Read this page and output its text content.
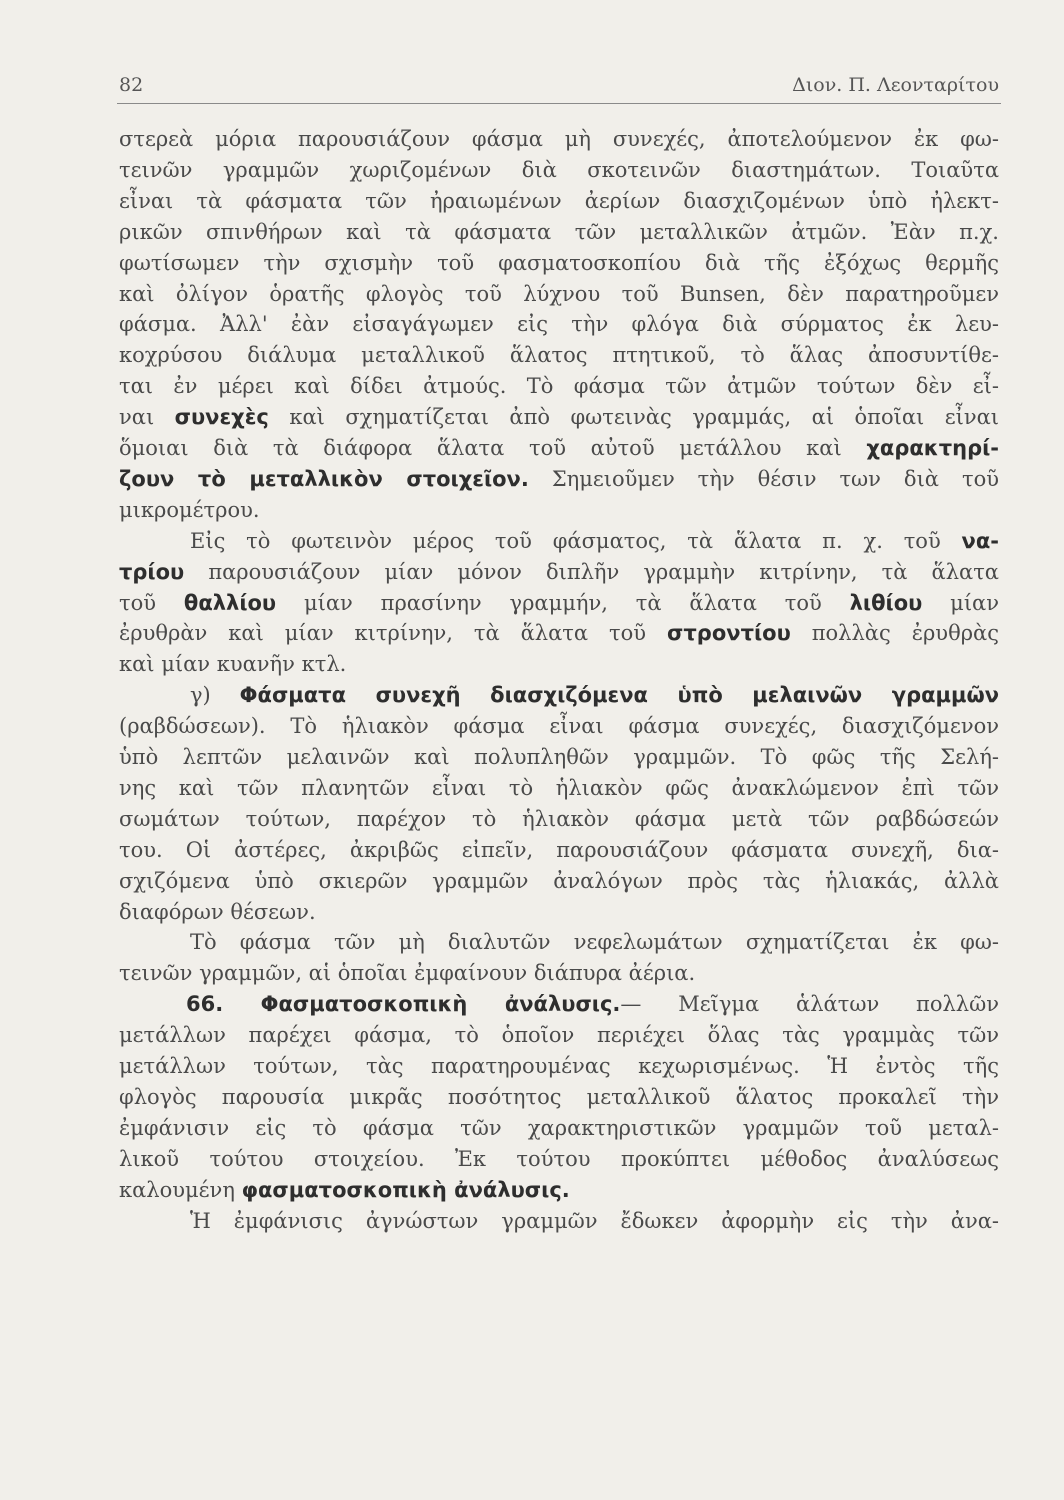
82	Διον. Π. Λεονταρίτου
στερεὰ μόρια παρουσιάζουν φάσμα μὴ συνεχές, ἀποτελούμενον ἐκ φω-
τεινῶν γραμμῶν χωριζομένων διὰ σκοτεινῶν διαστημάτων. Τοιαῦτα
εἶναι τὰ φάσματα τῶν ἠραιωμένων ἀερίων διασχιζομένων ὑπὸ ἠλεκτ-
ρικῶν σπινθήρων καὶ τὰ φάσματα τῶν μεταλλικῶν ἀτμῶν. Ἐὰν π.χ.
φωτίσωμεν τὴν σχισμὴν τοῦ φασματοσκοπίου διὰ τῆς ἐξόχως θερμῆς
καὶ ὀλίγον ὁρατῆς φλογὸς τοῦ λύχνου τοῦ Bunsen, δὲν παρατηροῦμεν
φάσμα. Ἀλλ' ἐὰν εἰσαγάγωμεν εἰς τὴν φλόγα διὰ σύρματος ἐκ λευ-
κοχρύσου διάλυμα μεταλλικοῦ ἅλατος πτητικοῦ, τὸ ἅλας ἀποσυντίθε-
ται ἐν μέρει καὶ δίδει ἀτμούς. Τὸ φάσμα τῶν ἀτμῶν τούτων δὲν εἶ-
ναι συνεχὲς καὶ σχηματίζεται ἀπὸ φωτεινὰς γραμμάς, αἱ ὁποῖαι εἶναι
ὅμοιαι διὰ τὰ διάφορα ἅλατα τοῦ αὐτοῦ μετάλλου καὶ χαρακτηρί-
ζουν τὸ μεταλλικὸν στοιχεῖον. Σημειοῦμεν τὴν θέσιν των διὰ τοῦ
μικρομέτρου.
Εἰς τὸ φωτεινὸν μέρος τοῦ φάσματος, τὰ ἅλατα π. χ. τοῦ να-
τρίου παρουσιάζουν μίαν μόνον διπλῆν γραμμὴν κιτρίνην, τὰ ἅλατα
τοῦ θαλλίου μίαν πρασίνην γραμμήν, τὰ ἅλατα τοῦ λιθίου μίαν
ἐρυθρὰν καὶ μίαν κιτρίνην, τὰ ἅλατα τοῦ στροντίου πολλὰς ἐρυθρὰς
καὶ μίαν κυανῆν κτλ.
γ) Φάσματα συνεχῆ διασχιζόμενα ὑπὸ μελαινῶν γραμμῶν
(ραβδώσεων). Τὸ ἡλιακὸν φάσμα εἶναι φάσμα συνεχές, διασχιζόμενον
ὑπὸ λεπτῶν μελαινῶν καὶ πολυπληθῶν γραμμῶν. Τὸ φῶς τῆς Σελή-
νης καὶ τῶν πλανητῶν εἶναι τὸ ἡλιακὸν φῶς ἀνακλώμενον ἐπὶ τῶν
σωμάτων τούτων, παρέχον τὸ ἡλιακὸν φάσμα μετὰ τῶν ραβδώσεών
του. Οἱ ἀστέρες, ἀκριβῶς εἰπεῖν, παρουσιάζουν φάσματα συνεχῆ, δια-
σχιζόμενα ὑπὸ σκιερῶν γραμμῶν ἀναλόγων πρὸς τὰς ἡλιακάς, ἀλλὰ
διαφόρων θέσεων.
Τὸ φάσμα τῶν μὴ διαλυτῶν νεφελωμάτων σχηματίζεται ἐκ φω-
τεινῶν γραμμῶν, αἱ ὁποῖαι ἐμφαίνουν διάπυρα ἀέρια.
66. Φασματοσκοπικὴ ἀνάλυσις.— Μεῖγμα ἁλάτων πολλῶν
μετάλλων παρέχει φάσμα, τὸ ὁποῖον περιέχει ὅλας τὰς γραμμὰς τῶν
μετάλλων τούτων, τὰς παρατηρουμένας κεχωρισμένως. Ἡ ἐντὸς τῆς
φλογὸς παρουσία μικρᾶς ποσότητος μεταλλικοῦ ἅλατος προκαλεῖ τὴν
ἐμφάνισιν εἰς τὸ φάσμα τῶν χαρακτηριστικῶν γραμμῶν τοῦ μεταλ-
λικοῦ τούτου στοιχείου. Ἐκ τούτου προκύπτει μέθοδος ἀναλύσεως
καλουμένη φασματοσκοπικὴ ἀνάλυσις.
Ἡ ἐμφάνισις ἀγνώστων γραμμῶν ἔδωκεν ἀφορμὴν εἰς τὴν ἀνα-
